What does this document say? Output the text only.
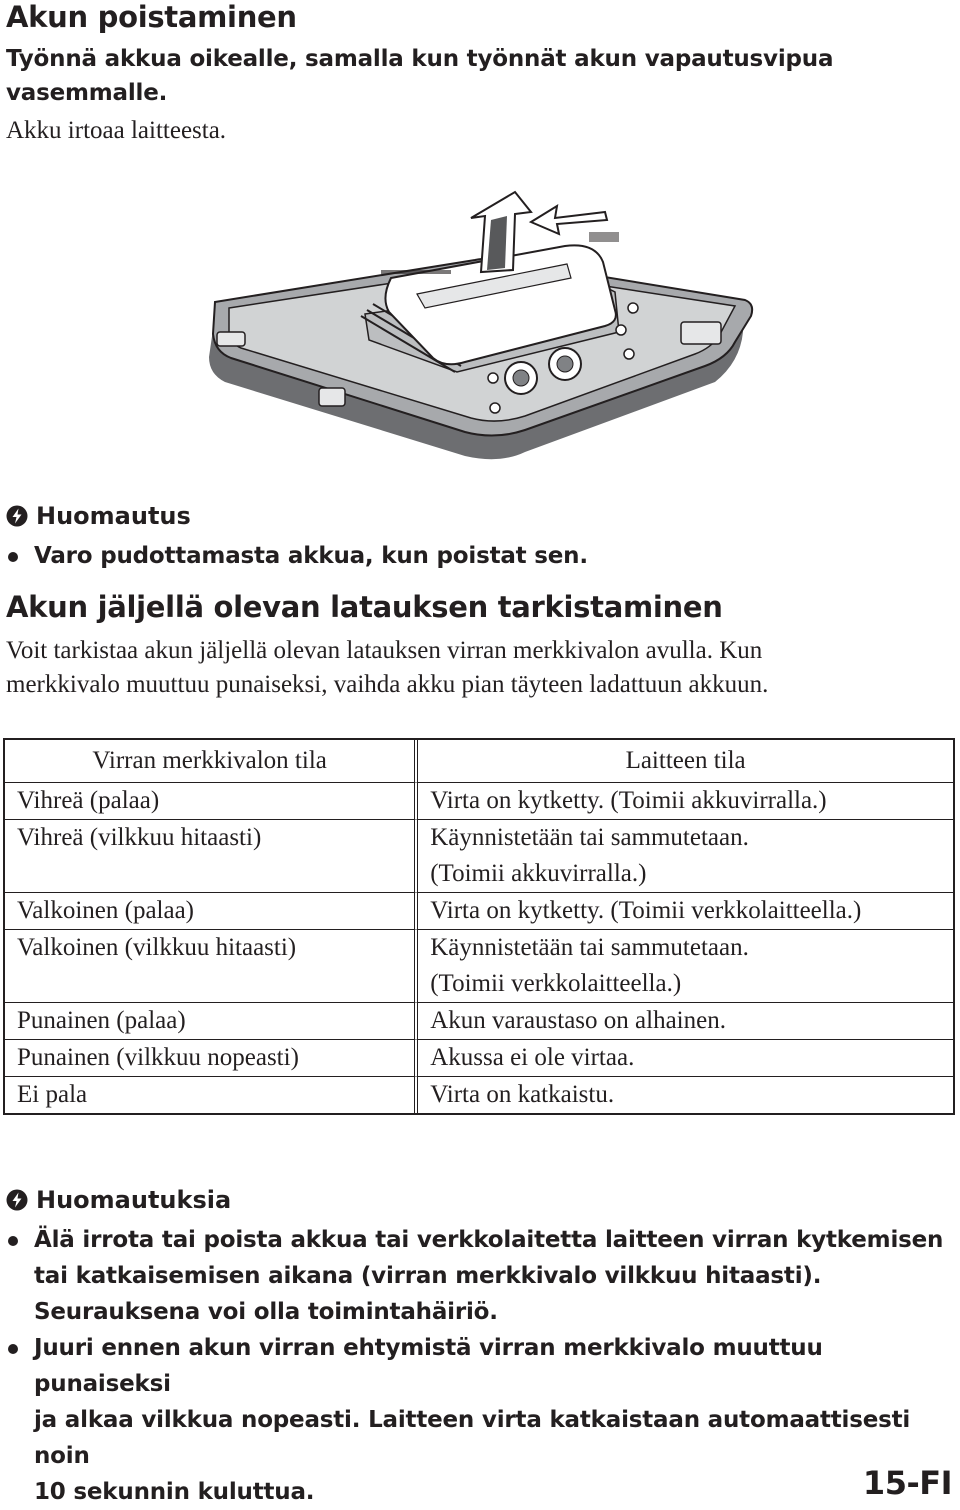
Akun poistaminen
Työnnä akkua oikealle, samalla kun työnnät akun vapautusvipua
vasemmalle.
Akku irtoaa laitteesta.
Huomautus
Varo pudottamasta akkua, kun poistat sen.
Akun jäljellä olevan latauksen tarkistaminen
Voit tarkistaa akun jäljellä olevan latauksen virran merkkivalon avulla. Kun
merkkivalo muuttuu punaiseksi, vaihda akku pian täyteen ladattuun akkuun.
Virran merkkivalon tila	Laitteen tila

Vihreä (palaa)	Virta on kytketty. (Toimii akkuvirralla.)

Vihreä (vilkkuu hitaasti)	Käynnistetään tai sammutetaan.
(Toimii akkuvirralla.)

Valkoinen (palaa)	Virta on kytketty. (Toimii verkkolaitteella.)

Valkoinen (vilkkuu hitaasti)	Käynnistetään tai sammutetaan.
(Toimii verkkolaitteella.)

Punainen (palaa)	Akun varaustaso on alhainen.

Punainen (vilkkuu nopeasti)	Akussa ei ole virtaa.

Ei pala	Virta on katkaistu.
Huomautuksia
Älä irrota tai poista akkua tai verkkolaitetta laitteen virran kytkemisen
tai katkaisemisen aikana (virran merkkivalo vilkkuu hitaasti).
Seurauksena voi olla toimintahäiriö.
Juuri ennen akun virran ehtymistä virran merkkivalo muuttuu punaiseksi
ja alkaa vilkkua nopeasti. Laitteen virta katkaistaan automaattisesti noin
10 sekunnin kuluttua.	15-FI
